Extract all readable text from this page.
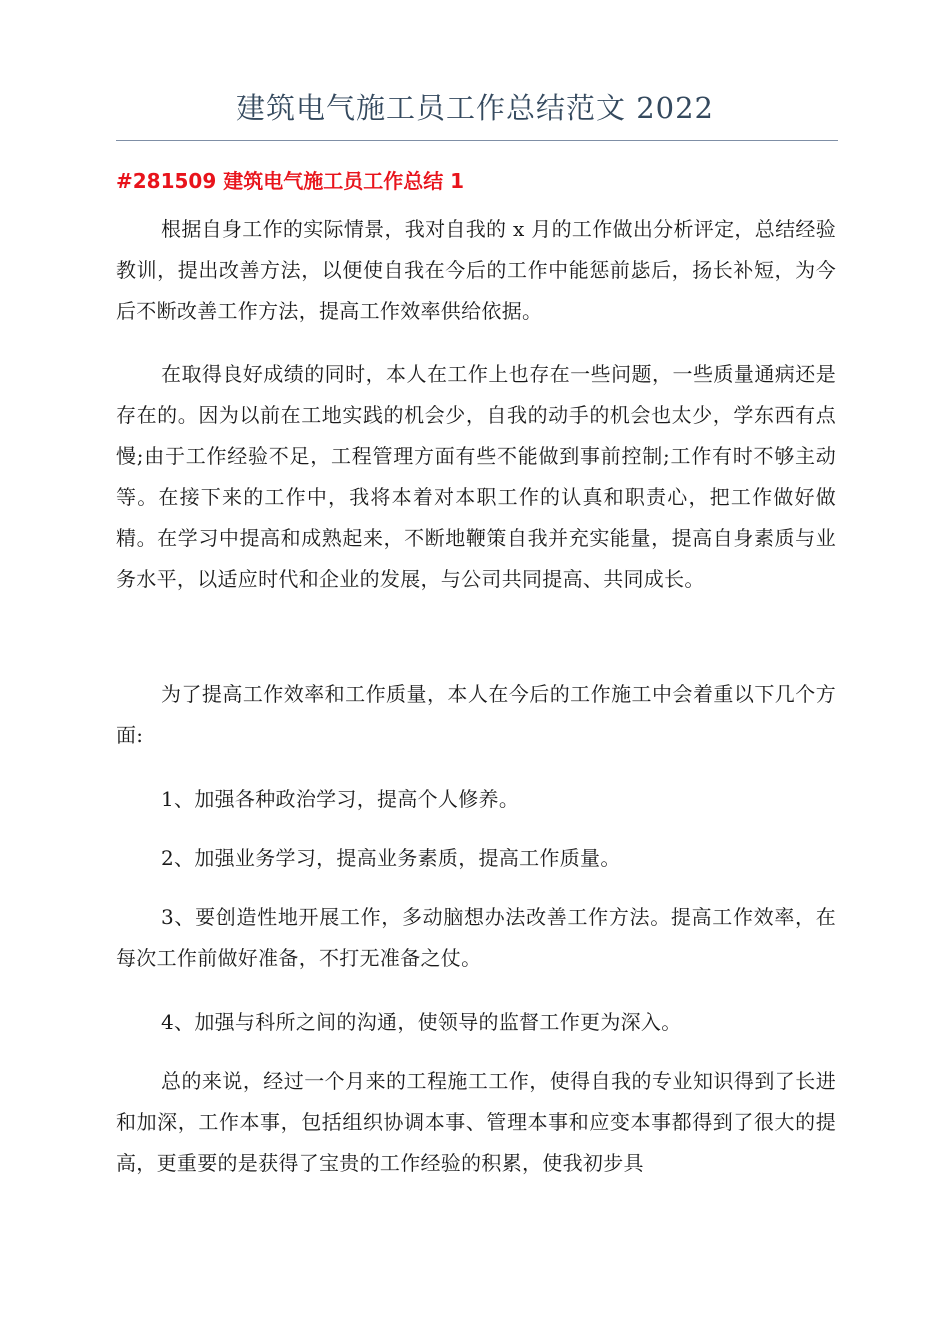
建筑电气施工员工作总结范文 2022
#281509 建筑电气施工员工作总结 1

根据自身工作的实际情景，我对自我的 x 月的工作做出分析评定，总结经验教训，提出改善方法，以便使自我在今后的工作中能惩前毖后，扬长补短，为今后不断改善工作方法，提高工作效率供给依据。

在取得良好成绩的同时，本人在工作上也存在一些问题，一些质量通病还是存在的。因为以前在工地实践的机会少，自我的动手的机会也太少，学东西有点慢;由于工作经验不足，工程管理方面有些不能做到事前控制;工作有时不够主动等。在接下来的工作中，我将本着对本职工作的认真和职责心，把工作做好做精。在学习中提高和成熟起来，不断地鞭策自我并充实能量，提高自身素质与业务水平，以适应时代和企业的发展，与公司共同提高、共同成长。

为了提高工作效率和工作质量，本人在今后的工作施工中会着重以下几个方面:

1、加强各种政治学习，提高个人修养。

2、加强业务学习，提高业务素质，提高工作质量。

3、要创造性地开展工作，多动脑想办法改善工作方法。提高工作效率，在每次工作前做好准备，不打无准备之仗。

4、加强与科所之间的沟通，使领导的监督工作更为深入。

总的来说，经过一个月来的工程施工工作，使得自我的专业知识得到了长进和加深，工作本事，包括组织协调本事、管理本事和应变本事都得到了很大的提高，更重要的是获得了宝贵的工作经验的积累，使我初步具
